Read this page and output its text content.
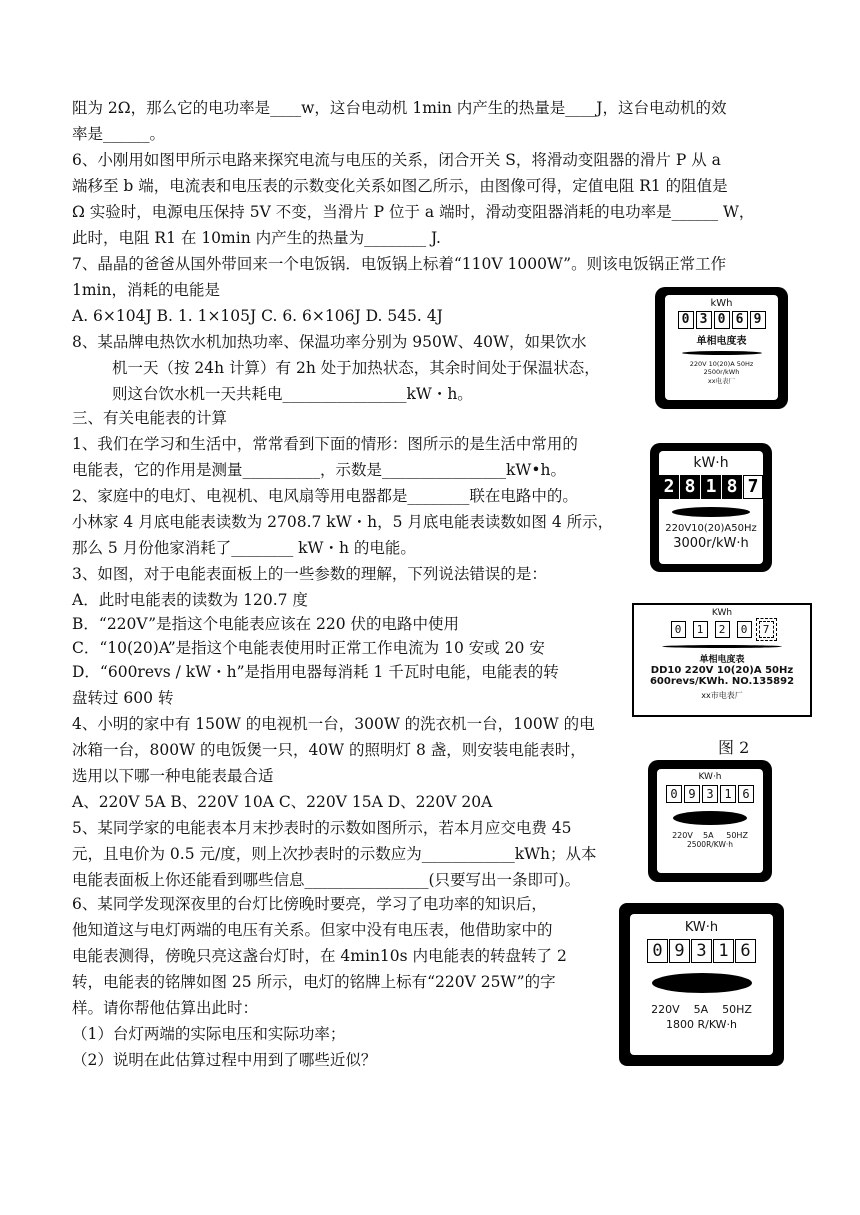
阻为 2Ω，那么它的电功率是____w，这台电动机 1min 内产生的热量是____J，这台电动机的效
率是______。
6、小刚用如图甲所示电路来探究电流与电压的关系，闭合开关 S，将滑动变阻器的滑片 P 从 a
端移至 b 端，电流表和电压表的示数变化关系如图乙所示，由图像可得，定值电阻 R1 的阻值是
Ω 实验时，电源电压保持 5V 不变，当滑片 P 位于 a 端时，滑动变阻器消耗的电功率是______ W，
此时，电阻 R1 在 10min 内产生的热量为________ J.
7、晶晶的爸爸从国外带回来一个电饭锅．电饭锅上标着“110V 1000W”。则该电饭锅正常工作
1min，消耗的电能是
A. 6×104J B. 1. 1×105J C. 6. 6×106J D. 545. 4J
8、某品牌电热饮水机加热功率、保温功率分别为 950W、40W，如果饮水
机一天（按 24h 计算）有 2h 处于加热状态，其余时间处于保温状态，
则这台饮水机一天共耗电________________kW・h。
三、有关电能表的计算
1、我们在学习和生活中，常常看到下面的情形：图所示的是生活中常用的
电能表，它的作用是测量__________，示数是________________kW•h。
2、家庭中的电灯、电视机、电风扇等用电器都是________联在电路中的。
小林家 4 月底电能表读数为 2708.7 kW・h，5 月底电能表读数如图 4 所示，
那么 5 月份他家消耗了________ kW・h 的电能。
3、如图，对于电能表面板上的一些参数的理解，下列说法错误的是：
A．此时电能表的读数为 120.7 度
B．“220V”是指这个电能表应该在 220 伏的电路中使用
C．“10(20)A”是指这个电能表使用时正常工作电流为 10 安或 20 安
D．“600revs / kW・h”是指用电器每消耗 1 千瓦时电能，电能表的转
盘转过 600 转
4、小明的家中有 150W 的电视机一台，300W 的洗衣机一台，100W 的电
冰箱一台，800W 的电饭煲一只，40W 的照明灯 8 盏，则安装电能表时，
选用以下哪一种电能表最合适
A、220V 5A B、220V 10A C、220V 15A D、220V 20A
5、某同学家的电能表本月末抄表时的示数如图所示，若本月应交电费 45
元，且电价为 0.5 元/度，则上次抄表时的示数应为____________kWh；从本
电能表面板上你还能看到哪些信息________________(只要写出一条即可)。
6、某同学发现深夜里的台灯比傍晚时要亮，学习了电功率的知识后，
他知道这与电灯两端的电压有关系。但家中没有电压表，他借助家中的
电能表测得，傍晚只亮这盏台灯时，在 4min10s 内电能表的转盘转了 2
转，电能表的铭牌如图 25 所示，电灯的铭牌上标有“220V 25W”的字
样。请你帮他估算出此时：
（1）台灯两端的实际电压和实际功率；
（2）说明在此估算过程中用到了哪些近似？
kWh
0 3 0 6 9
单相电度表
220V 10(20)A 50Hz
2500r/kWh
xx电表厂
kW·h
2 8 1 8 7
220V10(20)A50Hz
3000r/kW·h
KWh
0	1	2	0	7
单相电度表
DD10 220V 10(20)A 50Hz
600revs/KWh. NO.135892
xx市电表厂
图 2
KW·h
0 9 3 1 6
220V    5A     50HZ
2500R/KW·h
KW·h
0 9 3 1 6
220V    5A    50HZ
1800 R/KW·h
